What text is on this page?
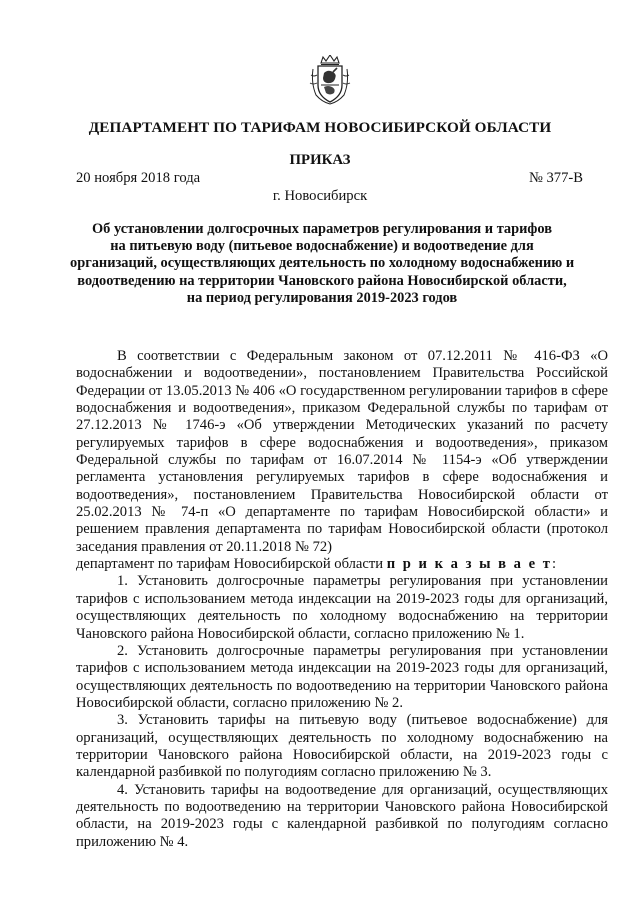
ДЕПАРТАМЕНТ ПО ТАРИФАМ НОВОСИБИРСКОЙ ОБЛАСТИ
ПРИКАЗ
20 ноября 2018 года	№ 377-В
г. Новосибирск
Об установлении долгосрочных параметров регулирования и тарифов
на питьевую воду (питьевое водоснабжение) и водоотведение для
организаций, осуществляющих деятельность по холодному водоснабжению и
водоотведению на территории Чановского района Новосибирской области,
на период регулирования 2019-2023 годов

В соответствии с Федеральным законом от 07.12.2011 № 416-ФЗ «О водоснабжении и водоотведении», постановлением Правительства Российской Федерации от 13.05.2013 № 406 «О государственном регулировании тарифов в сфере водоснабжения и водоотведения», приказом Федеральной службы по тарифам от 27.12.2013 № 1746-э «Об утверждении Методических указаний по расчету регулируемых тарифов в сфере водоснабжения и водоотведения», приказом Федеральной службы по тарифам от 16.07.2014 № 1154-э «Об утверждении регламента установления регулируемых тарифов в сфере водоснабжения и водоотведения», постановлением Правительства Новосибирской области от 25.02.2013 № 74-п «О департаменте по тарифам Новосибирской области» и решением правления департамента по тарифам Новосибирской области (протокол заседания правления от 20.11.2018 № 72)

департамент по тарифам Новосибирской области п р и к а з ы в а е т:

1. Установить долгосрочные параметры регулирования при установлении тарифов с использованием метода индексации на 2019-2023 годы для организаций, осуществляющих деятельность по холодному водоснабжению на территории Чановского района Новосибирской области, согласно приложению № 1.

2. Установить долгосрочные параметры регулирования при установлении тарифов с использованием метода индексации на 2019-2023 годы для организаций, осуществляющих деятельность по водоотведению на территории Чановского района Новосибирской области, согласно приложению № 2.

3. Установить тарифы на питьевую воду (питьевое водоснабжение) для организаций, осуществляющих деятельность по холодному водоснабжению на территории Чановского района Новосибирской области, на 2019-2023 годы с календарной разбивкой по полугодиям согласно приложению № 3.

4. Установить тарифы на водоотведение для организаций, осуществляющих деятельность по водоотведению на территории Чановского района Новосибирской области, на 2019-2023 годы с календарной разбивкой по полугодиям согласно приложению № 4.
